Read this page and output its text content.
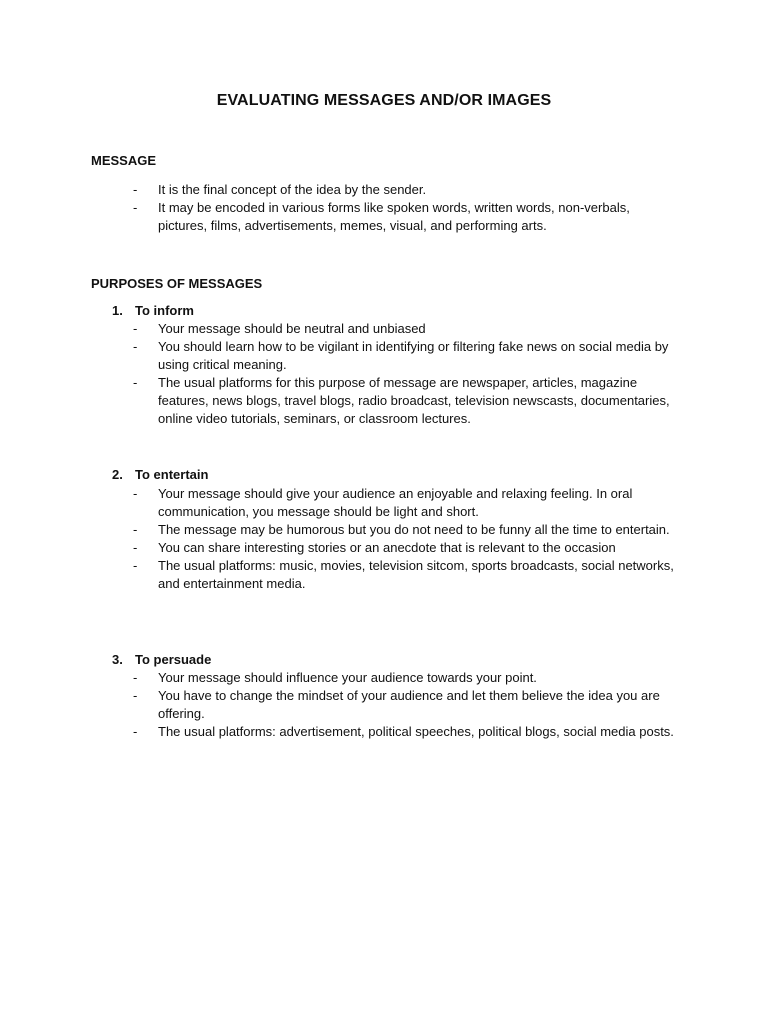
EVALUATING MESSAGES AND/OR IMAGES
MESSAGE
- It is the final concept of the idea by the sender.
- It may be encoded in various forms like spoken words, written words, non-verbals, pictures, films, advertisements, memes, visual, and performing arts.
PURPOSES OF MESSAGES
1. To inform
- Your message should be neutral and unbiased
- You should learn how to be vigilant in identifying or filtering fake news on social media by using critical meaning.
- The usual platforms for this purpose of message are newspaper, articles, magazine features, news blogs, travel blogs, radio broadcast, television newscasts, documentaries, online video tutorials, seminars, or classroom lectures.
2. To entertain
- Your message should give your audience an enjoyable and relaxing feeling. In oral communication, you message should be light and short.
- The message may be humorous but you do not need to be funny all the time to entertain.
- You can share interesting stories or an anecdote that is relevant to the occasion
- The usual platforms: music, movies, television sitcom, sports broadcasts, social networks, and entertainment media.
3. To persuade
- Your message should influence your audience towards your point.
- You have to change the mindset of your audience and let them believe the idea you are offering.
- The usual platforms: advertisement, political speeches, political blogs, social media posts.
